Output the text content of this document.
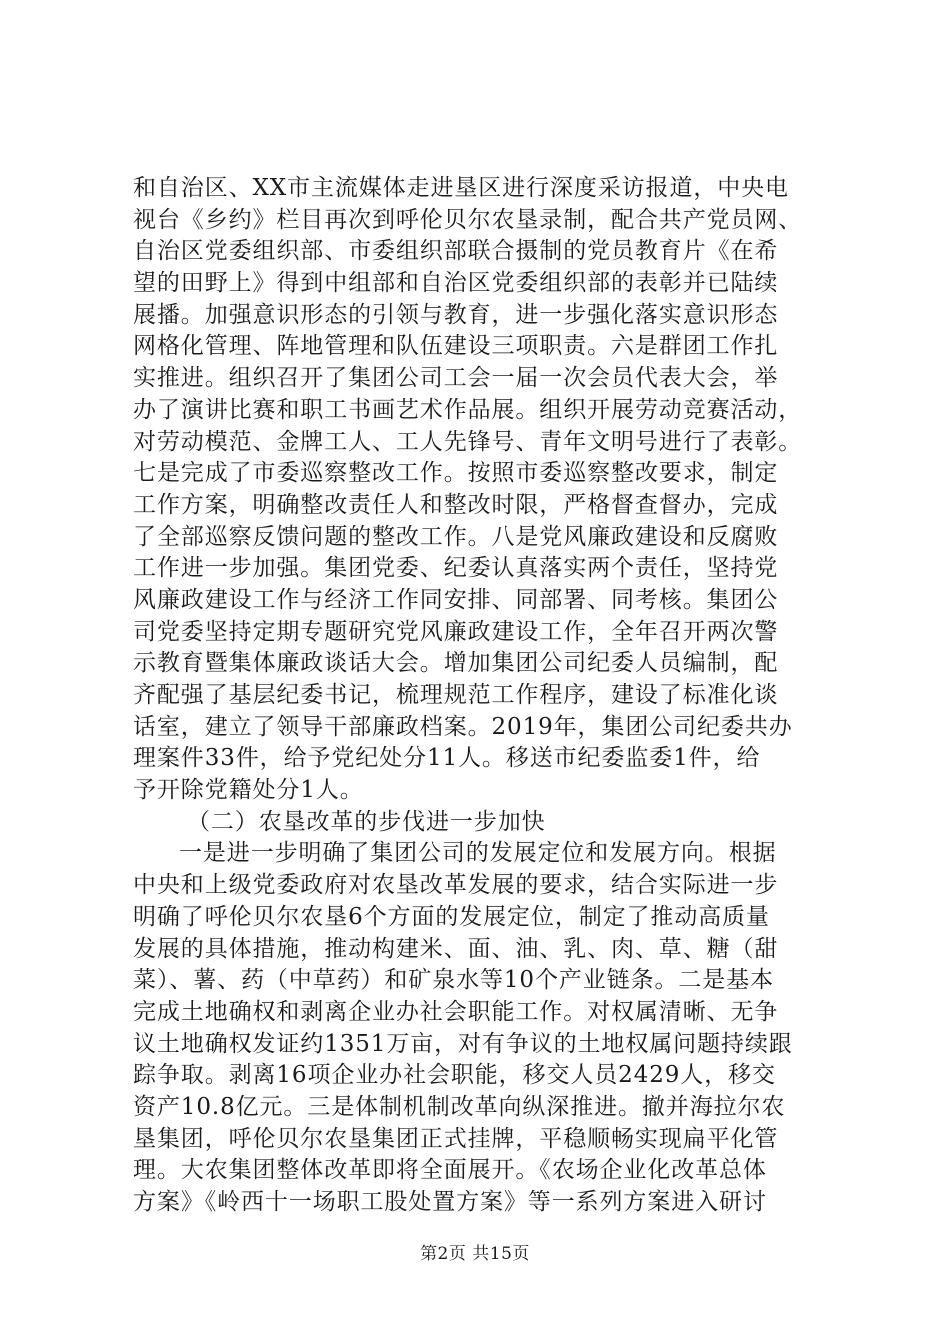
和自治区、XX市主流媒体走进垦区进行深度采访报道，中央电
视台《乡约》栏目再次到呼伦贝尔农垦录制，配合共产党员网、
自治区党委组织部、市委组织部联合摄制的党员教育片《在希
望的田野上》得到中组部和自治区党委组织部的表彰并已陆续
展播。加强意识形态的引领与教育，进一步强化落实意识形态
网格化管理、阵地管理和队伍建设三项职责。六是群团工作扎
实推进。组织召开了集团公司工会一届一次会员代表大会，举
办了演讲比赛和职工书画艺术作品展。组织开展劳动竞赛活动，
对劳动模范、金牌工人、工人先锋号、青年文明号进行了表彰。
七是完成了市委巡察整改工作。按照市委巡察整改要求，制定
工作方案，明确整改责任人和整改时限，严格督查督办，完成
了全部巡察反馈问题的整改工作。八是党风廉政建设和反腐败
工作进一步加强。集团党委、纪委认真落实两个责任，坚持党
风廉政建设工作与经济工作同安排、同部署、同考核。集团公
司党委坚持定期专题研究党风廉政建设工作，全年召开两次警
示教育暨集体廉政谈话大会。增加集团公司纪委人员编制，配
齐配强了基层纪委书记，梳理规范工作程序，建设了标准化谈
话室，建立了领导干部廉政档案。2019年，集团公司纪委共办
理案件33件，给予党纪处分11人。移送市纪委监委1件，给
予开除党籍处分1人。
（二）农垦改革的步伐进一步加快
一是进一步明确了集团公司的发展定位和发展方向。根据
中央和上级党委政府对农垦改革发展的要求，结合实际进一步
明确了呼伦贝尔农垦6个方面的发展定位，制定了推动高质量
发展的具体措施，推动构建米、面、油、乳、肉、草、糖（甜
菜）、薯、药（中草药）和矿泉水等10个产业链条。二是基本
完成土地确权和剥离企业办社会职能工作。对权属清晰、无争
议土地确权发证约1351万亩，对有争议的土地权属问题持续跟
踪争取。剥离16项企业办社会职能，移交人员2429人，移交
资产10.8亿元。三是体制机制改革向纵深推进。撤并海拉尔农
垦集团，呼伦贝尔农垦集团正式挂牌，平稳顺畅实现扁平化管
理。大农集团整体改革即将全面展开。《农场企业化改革总体
方案》《岭西十一场职工股处置方案》等一系列方案进入研讨
第2页 共15页
